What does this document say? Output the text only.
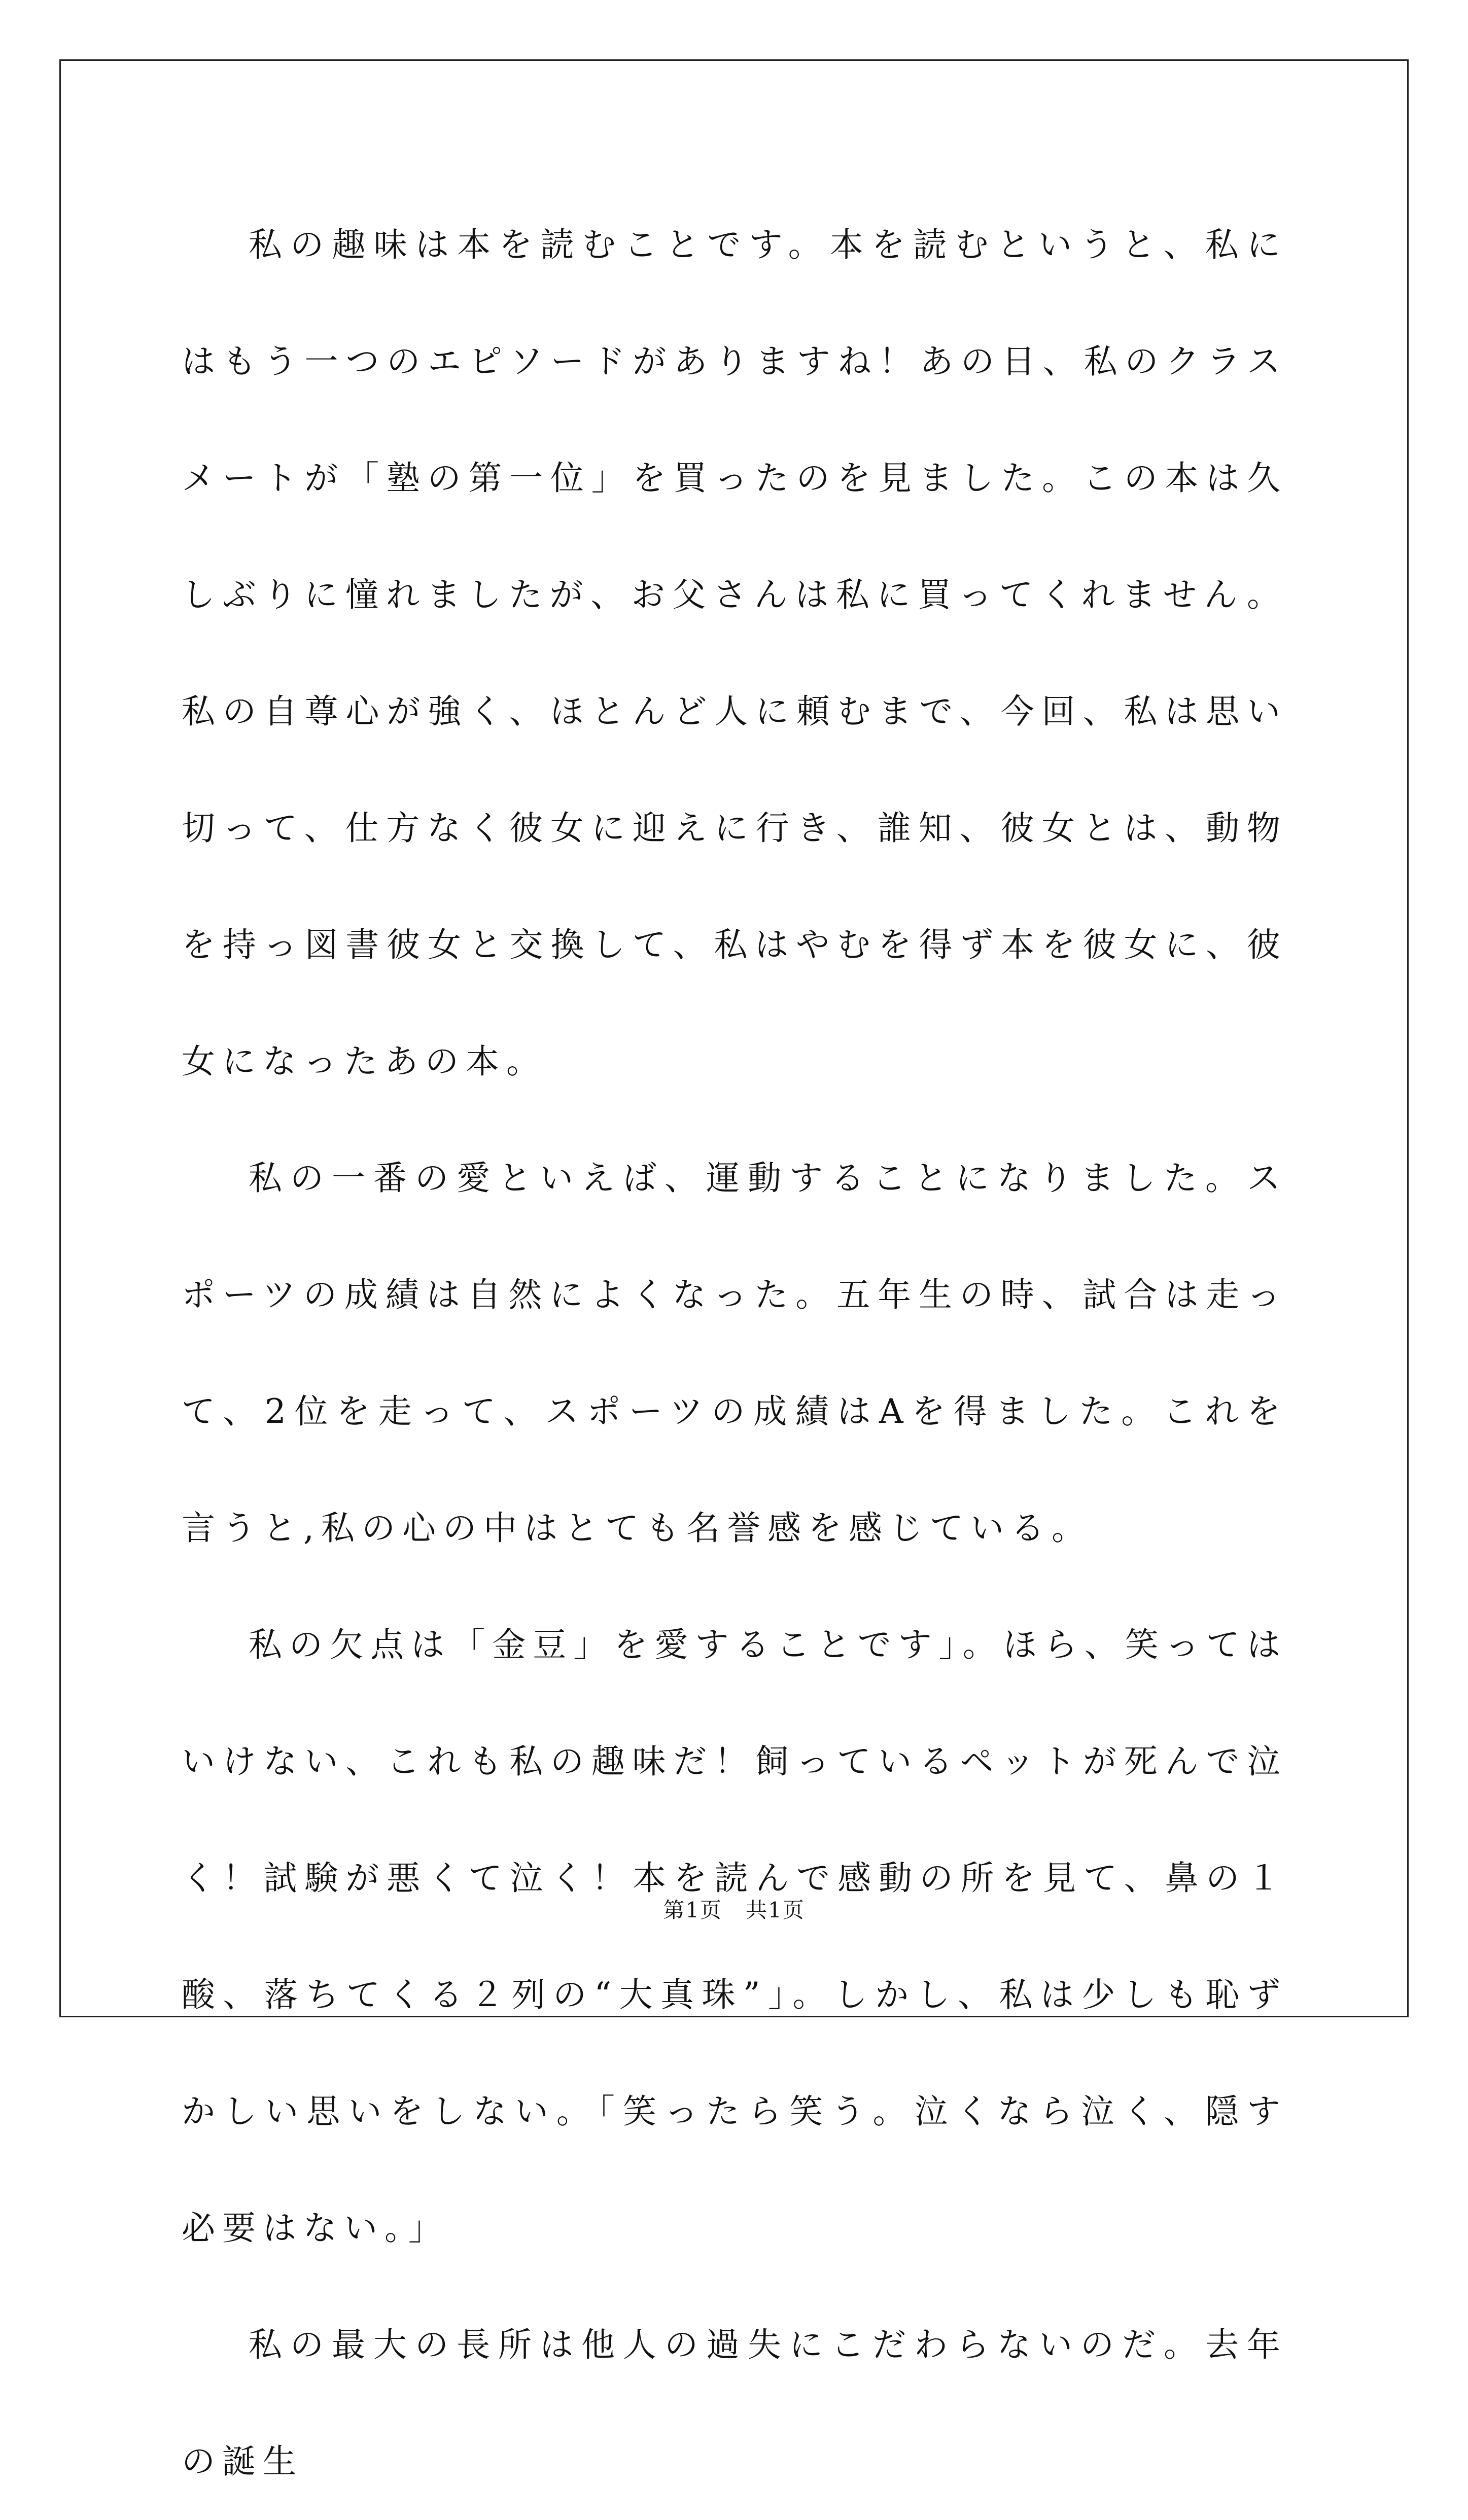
私の趣味は本を読むことです。本を読むというと、私にはもう一つのエピソードがありますね！あの日、私のクラスメートが「塾の第一位」を買ったのを見ました。この本は久しぶりに憧れましたが、お父さんは私に買ってくれません。私の自尊心が強く、ほとんど人に頼むまで、今回、私は思い切って、仕方なく彼女に迎えに行き、誰知、彼女とは、動物を持っ図書彼女と交換して、私はやむを得ず本を彼女に、彼女になったあの本。

私の一番の愛といえば、運動することになりました。スポーツの成績は自然によくなった。五年生の時、試合は走って、2位を走って、スポーツの成績はAを得ました。これを言うと,私の心の中はとても名誉感を感じている。

私の欠点は「金豆」を愛することです」。ほら、笑ってはいけない、これも私の趣味だ！飼っているペットが死んで泣く！試験が悪くて泣く！本を読んで感動の所を見て、鼻の１酸、落ちてくる２列の“大真珠”」。しかし、私は少しも恥ずかしい思いをしない。「笑ったら笑う。泣くなら泣く、隠す必要はない。」

私の最大の長所は他人の過失にこだわらないのだ。去年の誕生

第1页 共1页
